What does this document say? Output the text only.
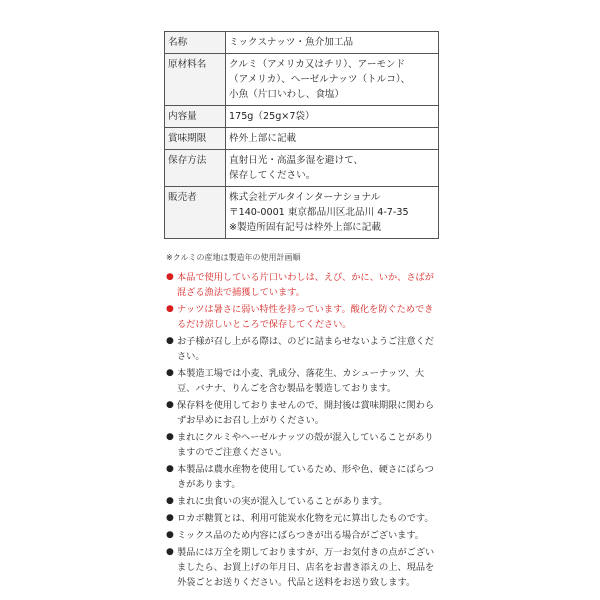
名称	ミックスナッツ・魚介加工品
原材料名	クルミ（アメリカ又はチリ）、アーモンド
（アメリカ）、ヘーゼルナッツ（トルコ）、
小魚（片口いわし、食塩）
内容量	175g（25g×7袋）
賞味期限	枠外上部に記載
保存方法	直射日光・高温多湿を避けて、
保存してください。
販売者	株式会社デルタインターナショナル
〒140-0001 東京都品川区北品川 4-7-35
※製造所固有記号は枠外上部に記載
※クルミの産地は製造年の使用計画順
● 本品で使用している片口いわしは、えび、かに、いか、さばが混ざる漁法で捕獲しています。
● ナッツは暑さに弱い特性を持っています。酸化を防ぐためできるだけ涼しいところで保存してください。
● お子様が召し上がる際は、のどに詰まらせないようご注意ください。
● 本製造工場では小麦、乳成分、落花生、カシューナッツ、大豆、バナナ、りんごを含む製品を製造しております。
● 保存料を使用しておりませんので、開封後は賞味期限に関わらずお早めにお召し上がりください。
● まれにクルミやヘーゼルナッツの殻が混入していることがありますのでご注意ください。
● 本製品は農水産物を使用しているため、形や色、硬さにばらつきがあります。
● まれに虫食いの実が混入していることがあります。
● ロカボ糖質とは、利用可能炭水化物を元に算出したものです。
● ミックス品のため内容にばらつきが出る場合がございます。
● 製品には万全を期しておりますが、万一お気付きの点がございましたら、お買上げの年月日、店名をお書き添えの上、現品を外袋ごとお送りください。代品と送料をお送り致します。
